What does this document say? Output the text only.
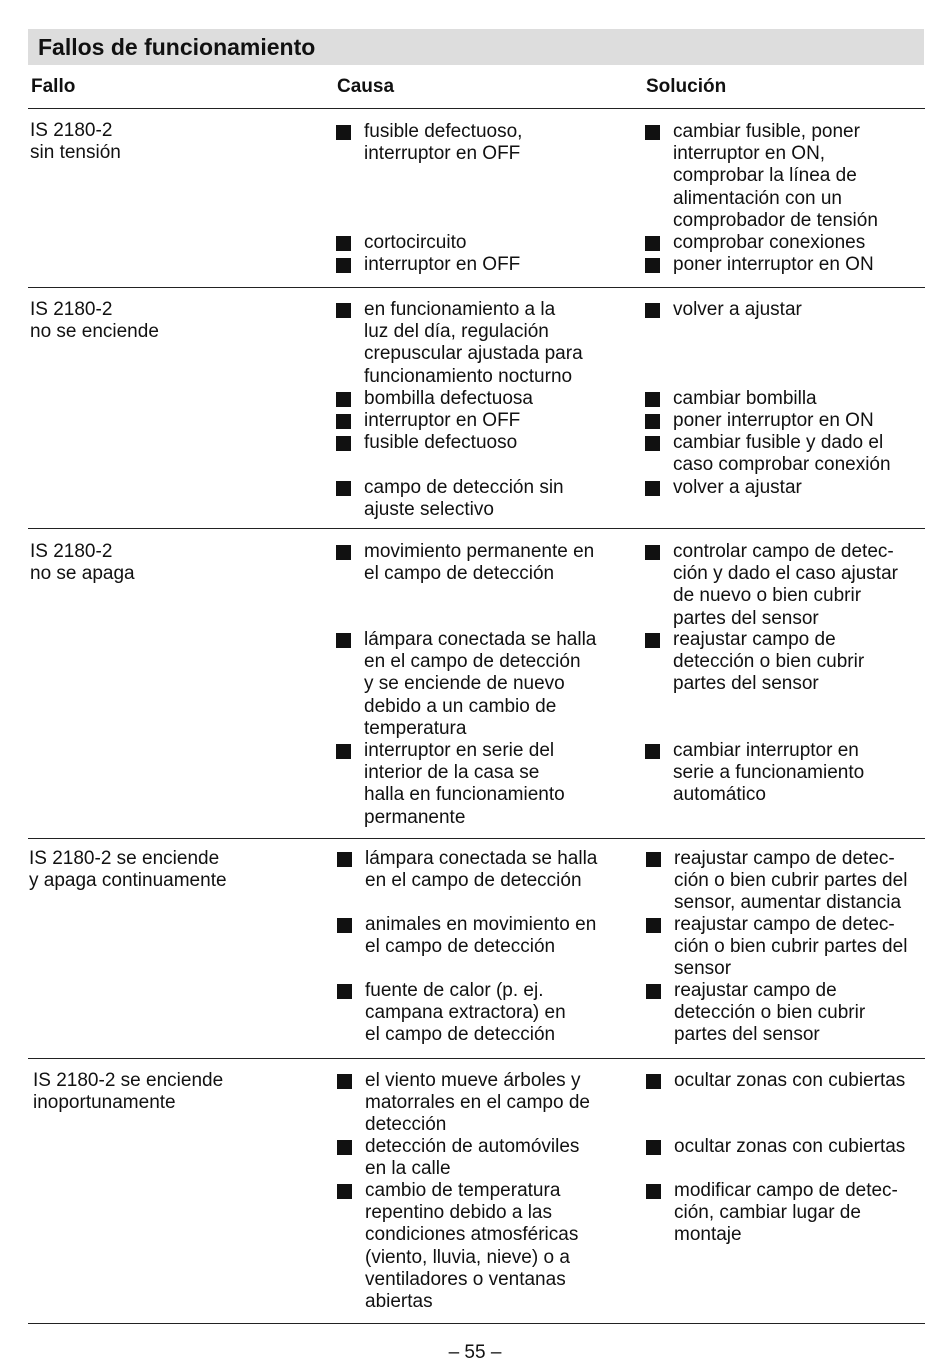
Fallos de funcionamiento
Fallo	Causa	Solución
IS 2180-2
sin tensión
fusible defectuoso,
interruptor en OFF
cortocircuito
interruptor en OFF
cambiar fusible, poner
interruptor en ON,
comprobar la línea de
alimentación con un
comprobador de tensión
comprobar conexiones
poner interruptor en ON
IS 2180-2
no se enciende
en funcionamiento a la
luz del día, regulación
crepuscular ajustada para
funcionamiento nocturno
bombilla defectuosa
interruptor en OFF
fusible defectuoso
campo de detección sin
ajuste selectivo
volver a ajustar
cambiar bombilla
poner interruptor en ON
cambiar fusible y dado el
caso comprobar conexión
volver a ajustar
IS 2180-2
no se apaga
movimiento permanente en
el campo de detección
lámpara conectada se halla
en el campo de detección
y se enciende de nuevo
debido a un cambio de
temperatura
interruptor en serie del
interior de la casa se
halla en funcionamiento
permanente
controlar campo de detec-
ción y dado el caso ajustar
de nuevo o bien cubrir
partes del sensor
reajustar campo de
detección o bien cubrir
partes del sensor
cambiar interruptor en
serie a funcionamiento
automático
IS 2180-2 se enciende
y apaga continuamente
lámpara conectada se halla
en el campo de detección
animales en movimiento en
el campo de detección
fuente de calor (p. ej.
campana extractora) en
el campo de detección
reajustar campo de detec-
ción o bien cubrir partes del
sensor, aumentar distancia
reajustar campo de detec-
ción o bien cubrir partes del
sensor
reajustar campo de
detección o bien cubrir
partes del sensor
IS 2180-2 se enciende
inoportunamente
el viento mueve árboles y
matorrales en el campo de
detección
detección de automóviles
en la calle
cambio de temperatura
repentino debido a las
condiciones atmosféricas
(viento, lluvia, nieve) o a
ventiladores o ventanas
abiertas
ocultar zonas con cubiertas
ocultar zonas con cubiertas
modificar campo de detec-
ción, cambiar lugar de
montaje
– 55 –
